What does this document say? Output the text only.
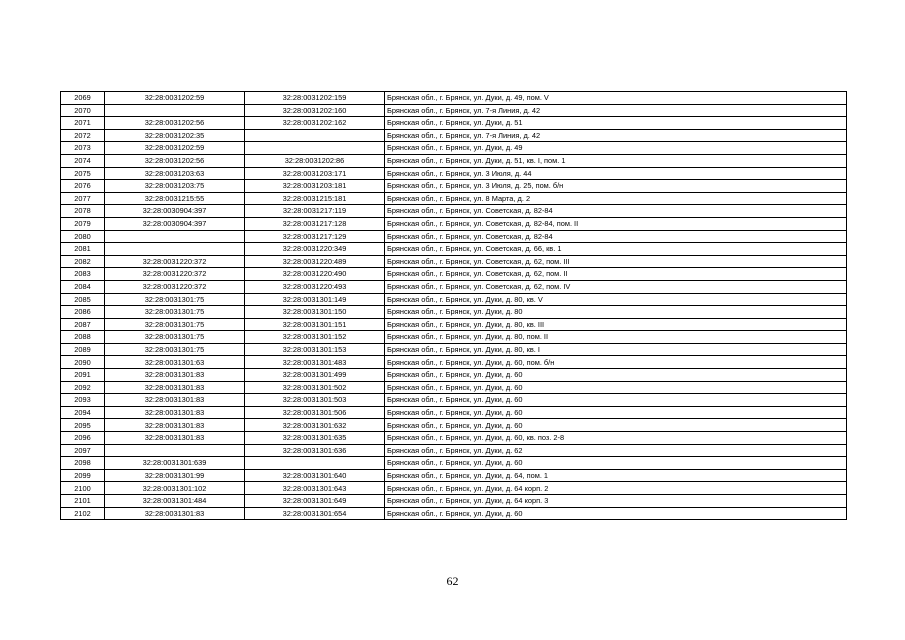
2069	32:28:0031202:59	32:28:0031202:159	Брянская обл., г. Брянск, ул. Дуки, д. 49, пом. V
2070		32:28:0031202:160	Брянская обл., г. Брянск, ул. 7-я Линия, д. 42
2071	32:28:0031202:56	32:28:0031202:162	Брянская обл., г. Брянск, ул. Дуки, д. 51
2072	32:28:0031202:35		Брянская обл., г. Брянск, ул. 7-я Линия, д. 42
2073	32:28:0031202:59		Брянская обл., г. Брянск, ул. Дуки, д. 49
2074	32:28:0031202:56	32:28:0031202:86	Брянская обл., г. Брянск, ул. Дуки, д. 51, кв. I, пом. 1
2075	32:28:0031203:63	32:28:0031203:171	Брянская обл., г. Брянск, ул. 3 Июля, д. 44
2076	32:28:0031203:75	32:28:0031203:181	Брянская обл., г. Брянск, ул. 3 Июля, д. 25, пом. б/н
2077	32:28:0031215:55	32:28:0031215:181	Брянская обл., г. Брянск, ул. 8 Марта, д. 2
2078	32:28:0030904:397	32:28:0031217:119	Брянская обл., г. Брянск, ул. Советская, д. 82-84
2079	32:28:0030904:397	32:28:0031217:128	Брянская обл., г. Брянск, ул. Советская, д. 82-84, пом. II
2080		32:28:0031217:129	Брянская обл., г. Брянск, ул. Советская, д. 82-84
2081		32:28:0031220:349	Брянская обл., г. Брянск, ул. Советская, д. 66, кв. 1
2082	32:28:0031220:372	32:28:0031220:489	Брянская обл., г. Брянск, ул. Советская, д. 62, пом. III
2083	32:28:0031220:372	32:28:0031220:490	Брянская обл., г. Брянск, ул. Советская, д. 62, пом. II
2084	32:28:0031220:372	32:28:0031220:493	Брянская обл., г. Брянск, ул. Советская, д. 62, пом. IV
2085	32:28:0031301:75	32:28:0031301:149	Брянская обл., г. Брянск, ул. Дуки, д. 80, кв. V
2086	32:28:0031301:75	32:28:0031301:150	Брянская обл., г. Брянск, ул. Дуки, д. 80
2087	32:28:0031301:75	32:28:0031301:151	Брянская обл., г. Брянск, ул. Дуки, д. 80, кв. III
2088	32:28:0031301:75	32:28:0031301:152	Брянская обл., г. Брянск, ул. Дуки, д. 80, пом. II
2089	32:28:0031301:75	32:28:0031301:153	Брянская обл., г. Брянск, ул. Дуки, д. 80, кв. I
2090	32:28:0031301:63	32:28:0031301:483	Брянская обл., г. Брянск, ул. Дуки, д. 60, пом. б/н
2091	32:28:0031301:83	32:28:0031301:499	Брянская обл., г. Брянск, ул. Дуки, д. 60
2092	32:28:0031301:83	32:28:0031301:502	Брянская обл., г. Брянск, ул. Дуки, д. 60
2093	32:28:0031301:83	32:28:0031301:503	Брянская обл., г. Брянск, ул. Дуки, д. 60
2094	32:28:0031301:83	32:28:0031301:506	Брянская обл., г. Брянск, ул. Дуки, д. 60
2095	32:28:0031301:83	32:28:0031301:632	Брянская обл., г. Брянск, ул. Дуки, д. 60
2096	32:28:0031301:83	32:28:0031301:635	Брянская обл., г. Брянск, ул. Дуки, д. 60, кв. поз. 2-8
2097		32:28:0031301:636	Брянская обл., г. Брянск, ул. Дуки, д. 62
2098	32:28:0031301:639		Брянская обл., г. Брянск, ул. Дуки, д. 60
2099	32:28:0031301:99	32:28:0031301:640	Брянская обл., г. Брянск, ул. Дуки, д. 64, пом. 1
2100	32:28:0031301:102	32:28:0031301:643	Брянская обл., г. Брянск, ул. Дуки, д. 64 корп. 2
2101	32:28:0031301:484	32:28:0031301:649	Брянская обл., г. Брянск, ул. Дуки, д. 64 корп. 3
2102	32:28:0031301:83	32:28:0031301:654	Брянская обл., г. Брянск, ул. Дуки, д. 60
62
